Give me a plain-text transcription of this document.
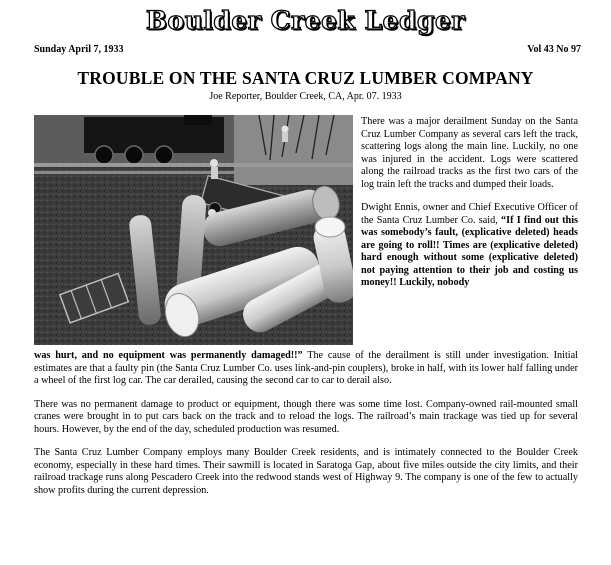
Boulder Creek Ledger
Sunday April 7, 1933	Vol 43 No 97
TROUBLE ON THE SANTA CRUZ LUMBER COMPANY
Joe Reporter, Boulder Creek, CA, Apr. 07. 1933

There was a major derailment Sunday on the Santa Cruz Lumber Company as several cars left the track, scattering logs along the main line. Luckily, no one was injured in the accident. Logs were scattered along the railroad tracks as the first two cars of the log train left the tracks and dumped their loads.

Dwight Ennis, owner and Chief Executive Officer of the Santa Cruz Lumber Co. said, “If I find out this was somebody’s fault, (explicative deleted) heads are going to roll!! Times are (explicative deleted) hard enough without some (explicative deleted) not paying attention to their job and costing us money!! Luckily, nobody

was hurt, and no equipment was permanently damaged!!” The cause of the derailment is still under investigation. Initial estimates are that a faulty pin (the Santa Cruz Lumber Co. uses link-and-pin couplers), broke in half, with its lower half falling under a wheel of the first log car. The car derailed, causing the second car to car to derail also.

There was no permanent damage to product or equipment, though there was some time lost. Company-owned rail-mounted small cranes were brought in to put cars back on the track and to reload the logs. The railroad’s main trackage was tied up for several hours. However, by the end of the day, scheduled production was resumed.

The Santa Cruz Lumber Company employs many Boulder Creek residents, and is intimately connected to the Boulder Creek economy, especially in these hard times. Their sawmill is located in Saratoga Gap, about five miles outside the city limits, and their railroad trackage runs along Pescadero Creek into the redwood stands west of Highway 9. The company is one of the few to actually show profits during the current depression.
